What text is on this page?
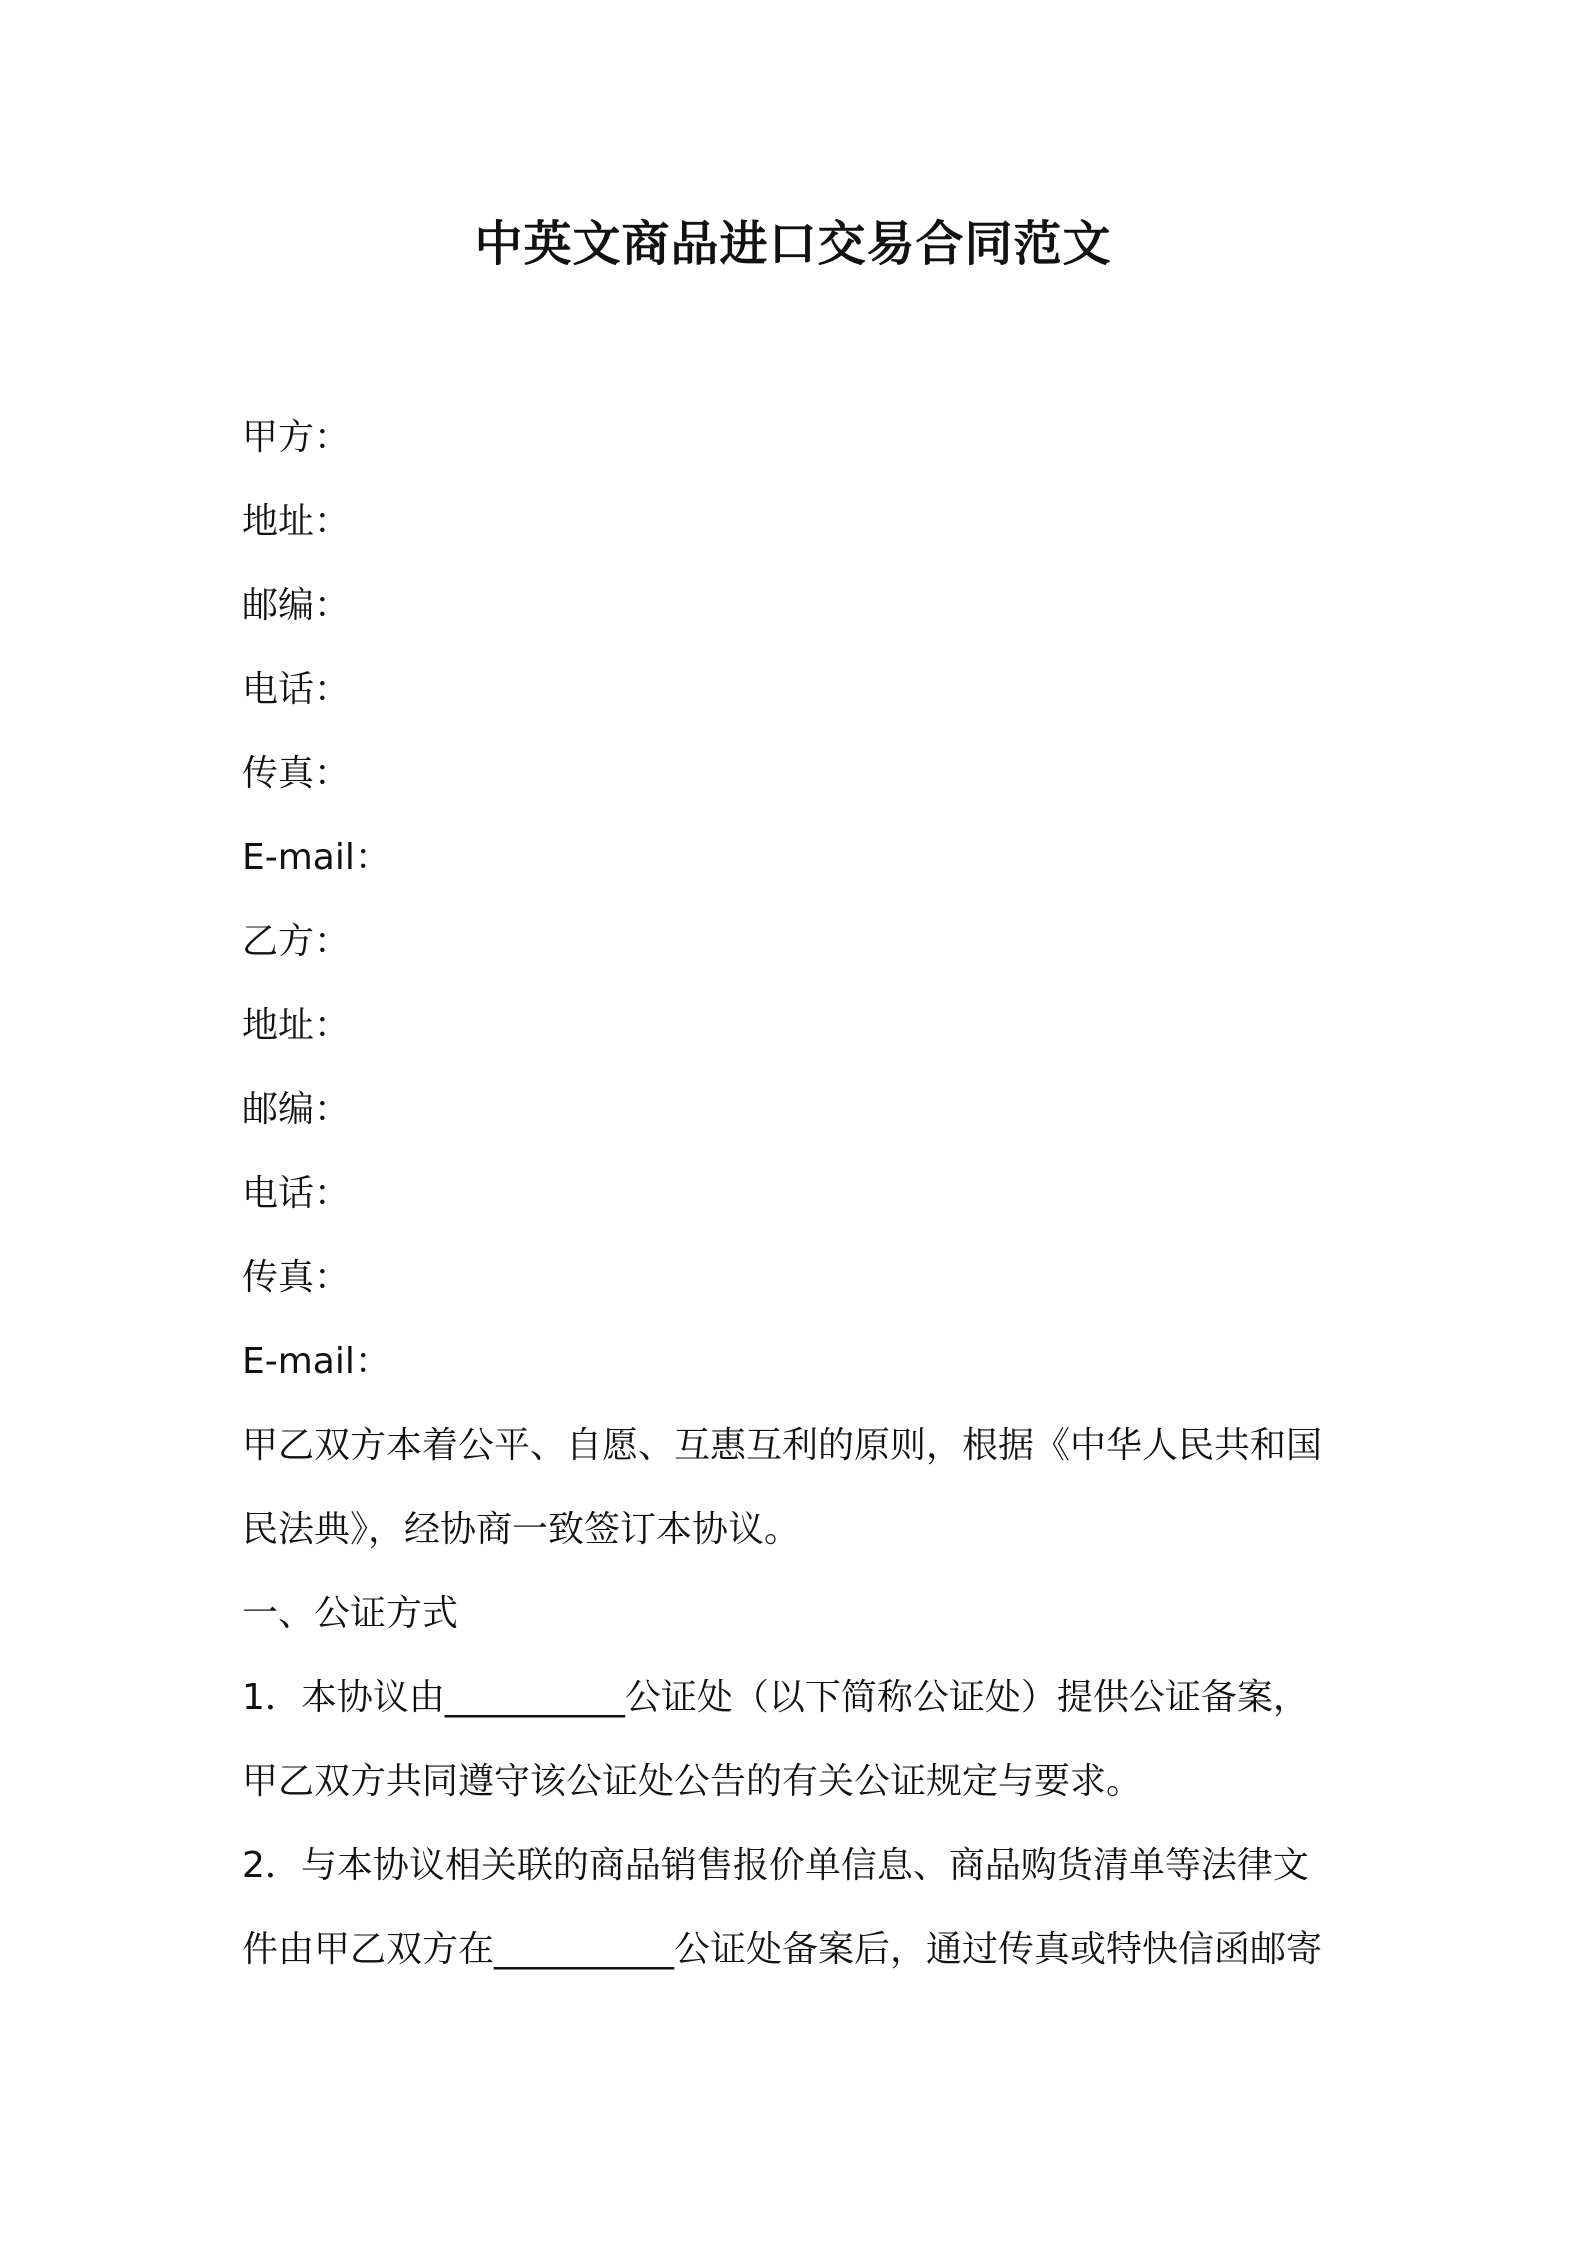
中英文商品进口交易合同范文
甲方：
地址：
邮编：
电话：
传真：
E-mail：
乙方：
地址：
邮编：
电话：
传真：
E-mail：
甲乙双方本着公平、自愿、互惠互利的原则，根据《中华人民共和国
民法典》，经协商一致签订本协议。
一、公证方式
1．本协议由__________公证处（以下简称公证处）提供公证备案，
甲乙双方共同遵守该公证处公告的有关公证规定与要求。
2．与本协议相关联的商品销售报价单信息、商品购货清单等法律文
件由甲乙双方在__________公证处备案后，通过传真或特快信函邮寄
